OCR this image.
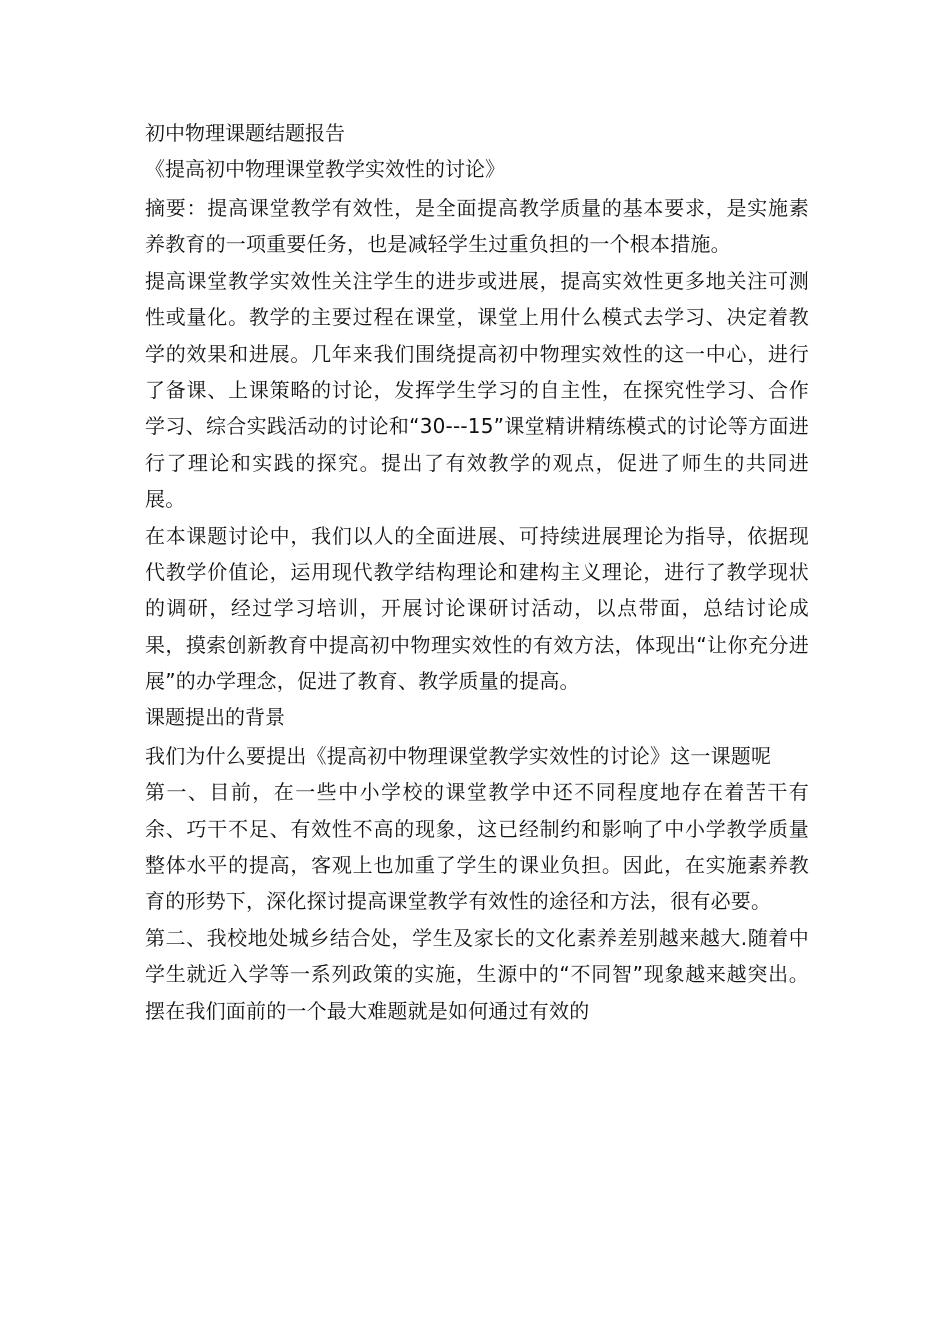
初中物理课题结题报告
《提高初中物理课堂教学实效性的讨论》

摘要：提高课堂教学有效性，是全面提高教学质量的基本要求，是实施素养教育的一项重要任务，也是减轻学生过重负担的一个根本措施。

提高课堂教学实效性关注学生的进步或进展，提高实效性更多地关注可测性或量化。教学的主要过程在课堂，课堂上用什么模式去学习、决定着教学的效果和进展。几年来我们围绕提高初中物理实效性的这一中心，进行了备课、上课策略的讨论，发挥学生学习的自主性，在探究性学习、合作学习、综合实践活动的讨论和“30---15”课堂精讲精练模式的讨论等方面进行了理论和实践的探究。提出了有效教学的观点，促进了师生的共同进展。

在本课题讨论中，我们以人的全面进展、可持续进展理论为指导，依据现代教学价值论，运用现代教学结构理论和建构主义理论，进行了教学现状的调研，经过学习培训，开展讨论课研讨活动，以点带面，总结讨论成果，摸索创新教育中提高初中物理实效性的有效方法，体现出“让你充分进展”的办学理念，促进了教育、教学质量的提高。

课题提出的背景

我们为什么要提出《提高初中物理课堂教学实效性的讨论》这一课题呢

第一、目前，在一些中小学校的课堂教学中还不同程度地存在着苦干有余、巧干不足、有效性不高的现象，这已经制约和影响了中小学教学质量整体水平的提高，客观上也加重了学生的课业负担。因此，在实施素养教育的形势下，深化探讨提高课堂教学有效性的途径和方法，很有必要。

第二、我校地处城乡结合处，学生及家长的文化素养差别越来越大.随着中学生就近入学等一系列政策的实施，生源中的“不同智”现象越来越突出。摆在我们面前的一个最大难题就是如何通过有效的
